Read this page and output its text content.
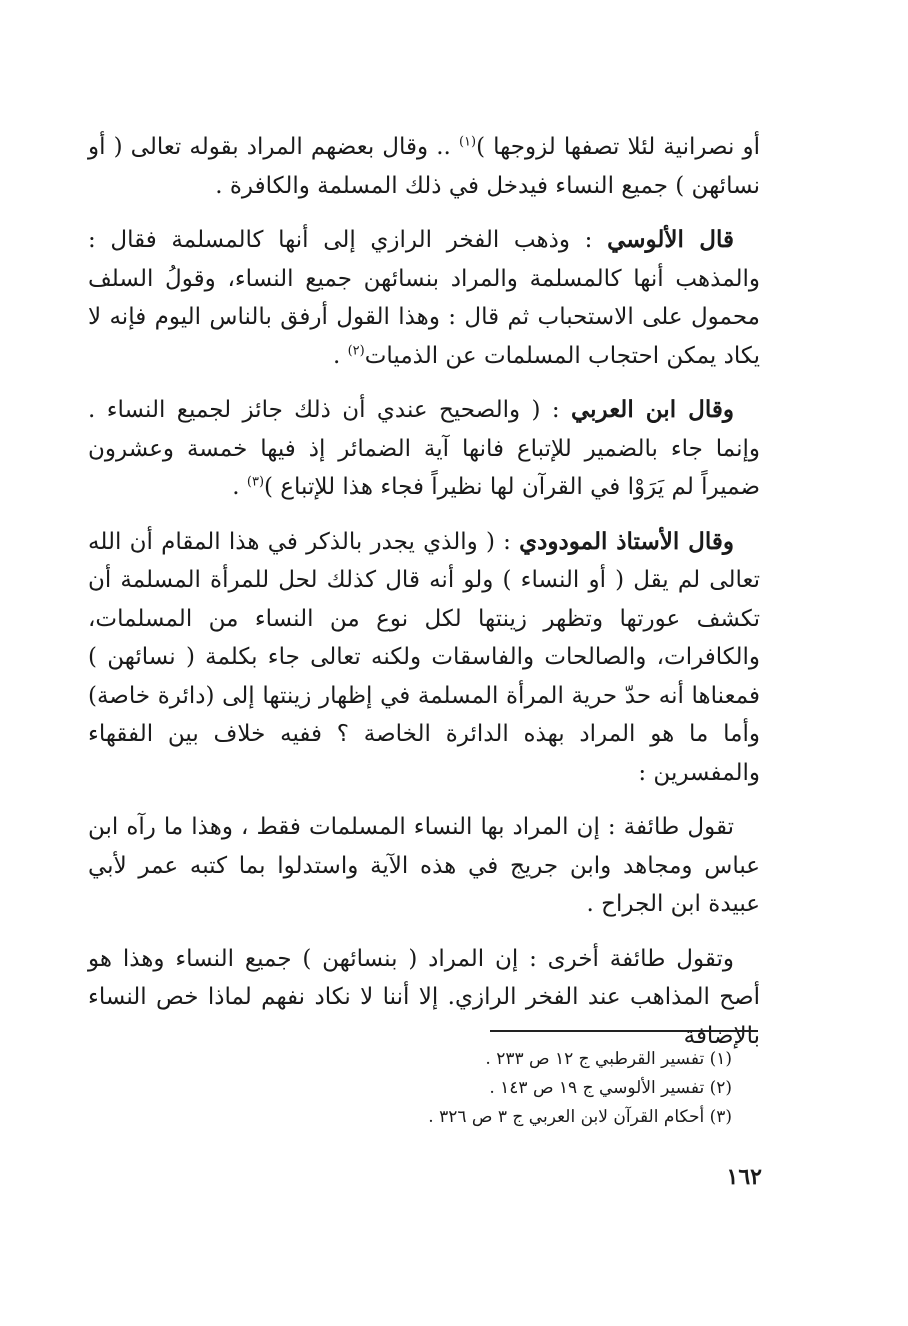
أو نصرانية لئلا تصفها لزوجها )$^{(١)}$ .. وقال بعضهم المراد بقوله تعالى ( أو نسائهن ) جميع النساء فيدخل في ذلك المسلمة والكافرة .

قال الألوسي : وذهب الفخر الرازي إلى أنها كالمسلمة فقال : والمذهب أنها كالمسلمة والمراد بنسائهن جميع النساء، وقولُ السلف محمول على الاستحباب ثم قال : وهذا القول أرفق بالناس اليوم فإنه لا يكاد يمكن احتجاب المسلمات عن الذميات$^{(٢)}$ .

وقال ابن العربي : ( والصحيح عندي أن ذلك جائز لجميع النساء . وإنما جاء بالضمير للإتباع فانها آية الضمائر إذ فيها خمسة وعشرون ضميراً لم يَرَوْا في القرآن لها نظيراً فجاء هذا للإتباع )$^{(٣)}$ .

وقال الأستاذ المودودي : ( والذي يجدر بالذكر في هذا المقام أن الله تعالى لم يقل ( أو النساء ) ولو أنه قال كذلك لحل للمرأة المسلمة أن تكشف عورتها وتظهر زينتها لكل نوع من النساء من المسلمات، والكافرات، والصالحات والفاسقات ولكنه تعالى جاء بكلمة ( نسائهن ) فمعناها أنه حدّ حرية المرأة المسلمة في إظهار زينتها إلى (دائرة خاصة) وأما ما هو المراد بهذه الدائرة الخاصة ؟ ففيه خلاف بين الفقهاء والمفسرين :

تقول طائفة : إن المراد بها النساء المسلمات فقط ، وهذا ما رآه ابن عباس ومجاهد وابن جريج في هذه الآية واستدلوا بما كتبه عمر لأبي عبيدة ابن الجراح .

وتقول طائفة أخرى : إن المراد ( بنسائهن ) جميع النساء وهذا هو أصح المذاهب عند الفخر الرازي. إلا أننا لا نكاد نفهم لماذا خص النساء بالإضافة

(١) تفسير القرطبي ج ١٢ ص ٢٣٣ .

(٢) تفسير الألوسي ج ١٩ ص ١٤٣ .

(٣) أحكام القرآن لابن العربي ج ٣ ص ٣٢٦ .

١٦٢
